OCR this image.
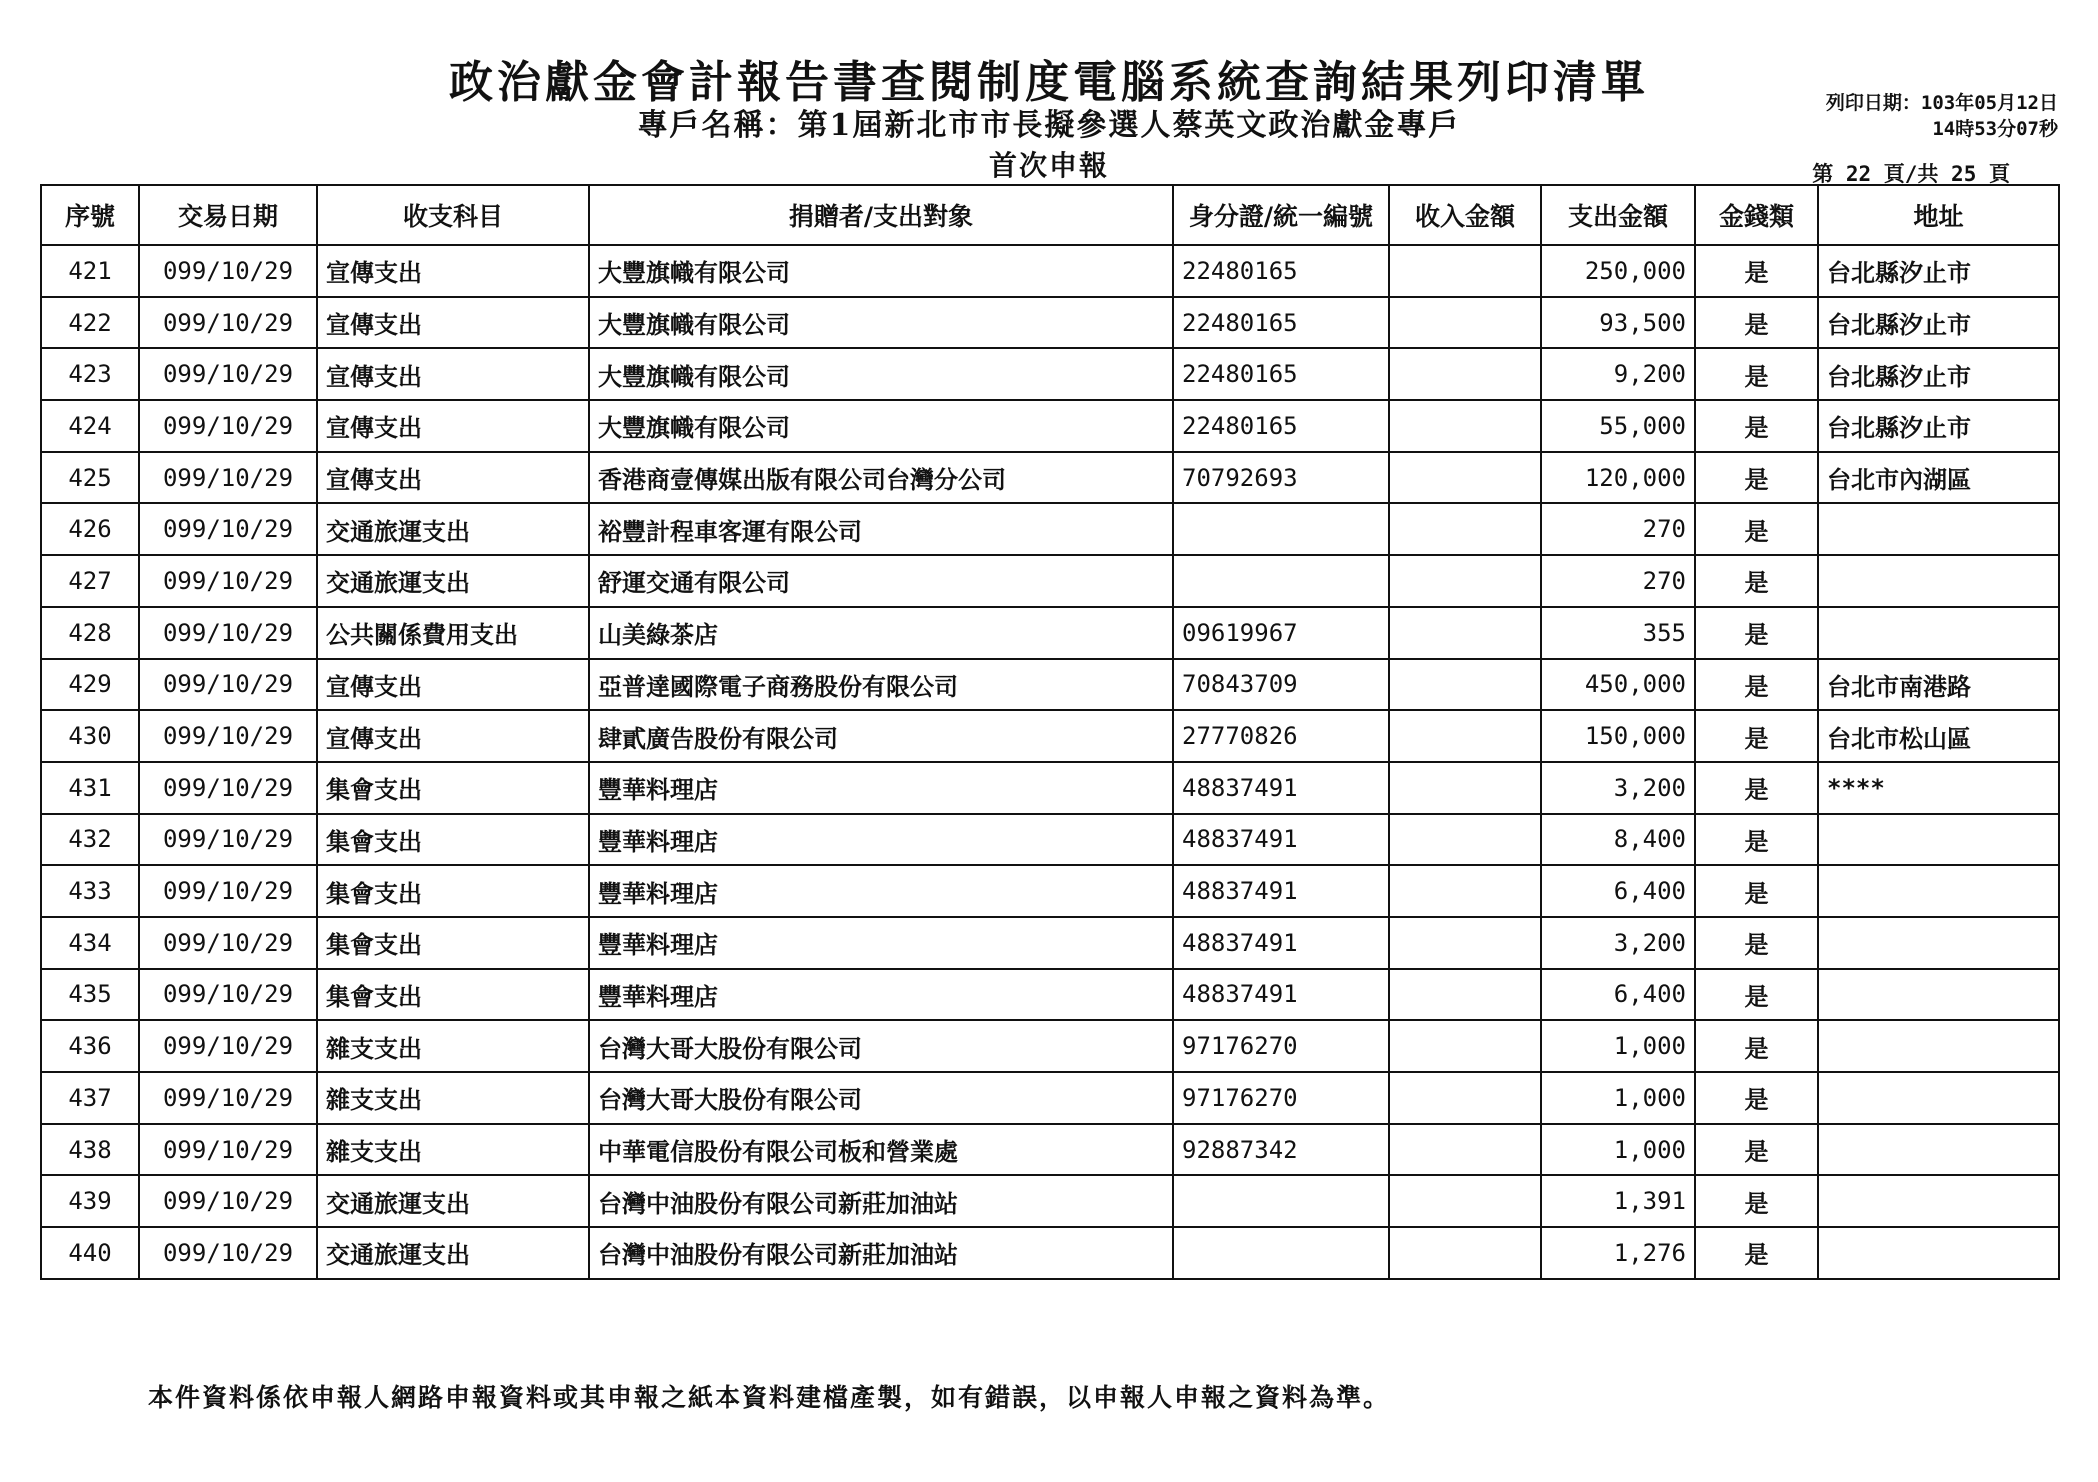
政治獻金會計報告書查閱制度電腦系統查詢結果列印清單
專戶名稱：第1屆新北市市長擬參選人蔡英文政治獻金專戶
首次申報
列印日期：103年05月12日
14時53分07秒
第 22 頁/共 25 頁
序號	交易日期	收支科目	捐贈者/支出對象	身分證/統一編號	收入金額	支出金額	金錢類	地址
421	099/10/29	宣傳支出	大豐旗幟有限公司	22480165		250,000	是	台北縣汐止市
422	099/10/29	宣傳支出	大豐旗幟有限公司	22480165		93,500	是	台北縣汐止市
423	099/10/29	宣傳支出	大豐旗幟有限公司	22480165		9,200	是	台北縣汐止市
424	099/10/29	宣傳支出	大豐旗幟有限公司	22480165		55,000	是	台北縣汐止市
425	099/10/29	宣傳支出	香港商壹傳媒出版有限公司台灣分公司	70792693		120,000	是	台北市內湖區
426	099/10/29	交通旅運支出	裕豐計程車客運有限公司			270	是	
427	099/10/29	交通旅運支出	舒運交通有限公司			270	是	
428	099/10/29	公共關係費用支出	山美綠茶店	09619967		355	是	
429	099/10/29	宣傳支出	亞普達國際電子商務股份有限公司	70843709		450,000	是	台北市南港路
430	099/10/29	宣傳支出	肆貳廣告股份有限公司	27770826		150,000	是	台北市松山區
431	099/10/29	集會支出	豐華料理店	48837491		3,200	是	****
432	099/10/29	集會支出	豐華料理店	48837491		8,400	是	
433	099/10/29	集會支出	豐華料理店	48837491		6,400	是	
434	099/10/29	集會支出	豐華料理店	48837491		3,200	是	
435	099/10/29	集會支出	豐華料理店	48837491		6,400	是	
436	099/10/29	雜支支出	台灣大哥大股份有限公司	97176270		1,000	是	
437	099/10/29	雜支支出	台灣大哥大股份有限公司	97176270		1,000	是	
438	099/10/29	雜支支出	中華電信股份有限公司板和營業處	92887342		1,000	是	
439	099/10/29	交通旅運支出	台灣中油股份有限公司新莊加油站			1,391	是	
440	099/10/29	交通旅運支出	台灣中油股份有限公司新莊加油站			1,276	是	
本件資料係依申報人網路申報資料或其申報之紙本資料建檔產製，如有錯誤，以申報人申報之資料為準。
